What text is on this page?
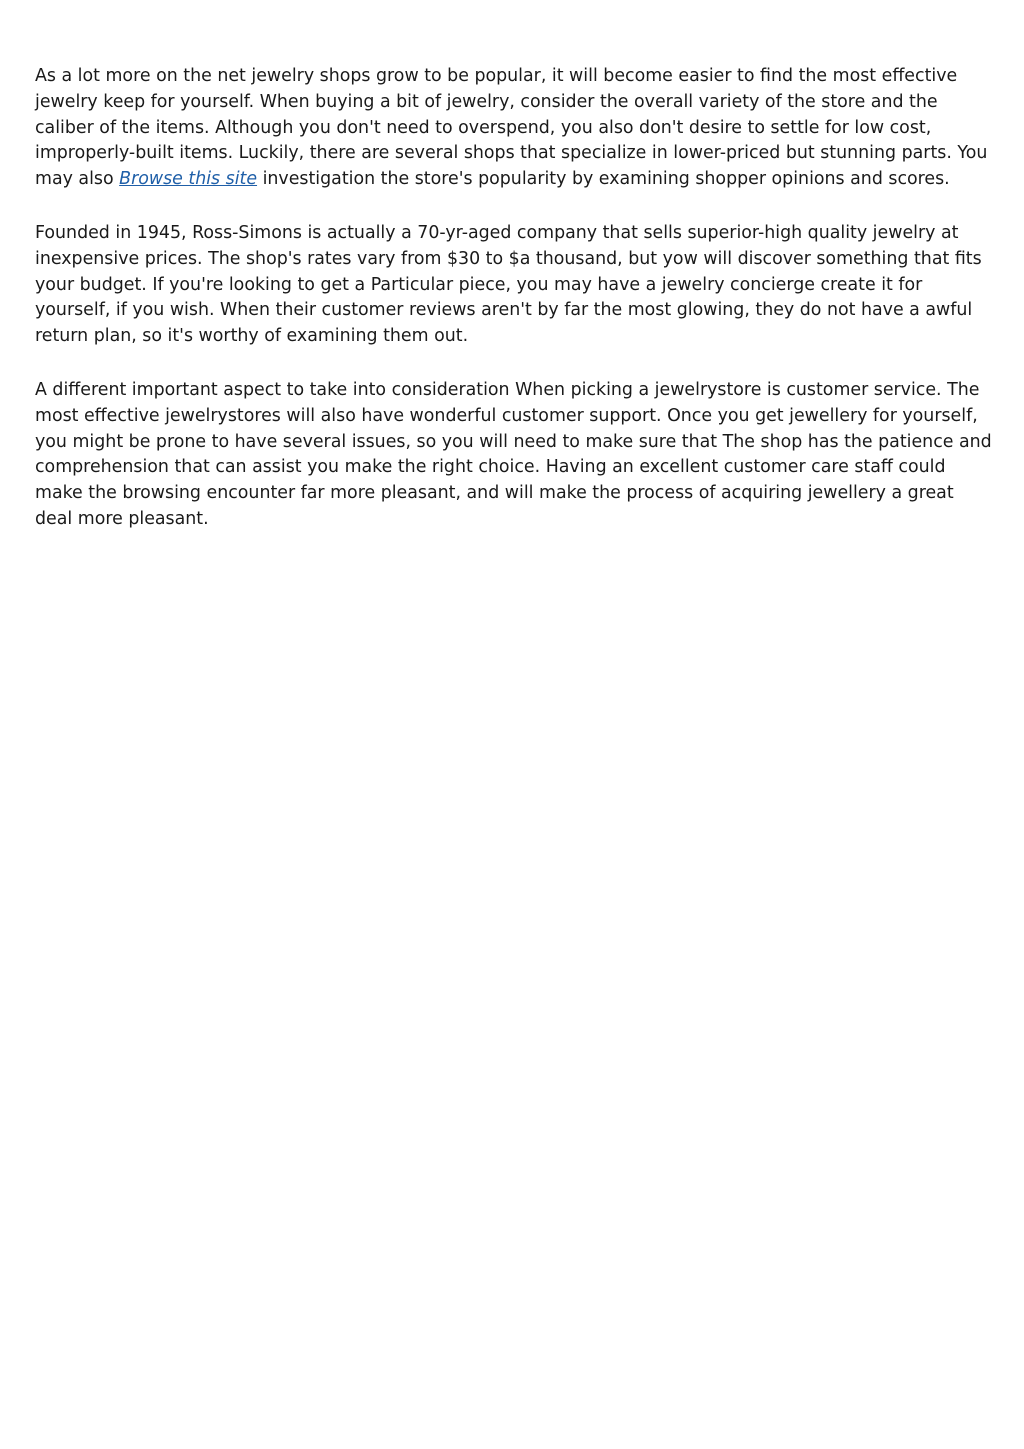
As a lot more on the net jewelry shops grow to be popular, it will become easier to find the most effective jewelry keep for yourself. When buying a bit of jewelry, consider the overall variety of the store and the caliber of the items. Although you don't need to overspend, you also don't desire to settle for low cost, improperly-built items. Luckily, there are several shops that specialize in lower-priced but stunning parts. You may also Browse this site investigation the store's popularity by examining shopper opinions and scores.

Founded in 1945, Ross-Simons is actually a 70-yr-aged company that sells superior-high quality jewelry at inexpensive prices. The shop's rates vary from $30 to $a thousand, but yow will discover something that fits your budget. If you're looking to get a Particular piece, you may have a jewelry concierge create it for yourself, if you wish. When their customer reviews aren't by far the most glowing, they do not have a awful return plan, so it's worthy of examining them out.

A different important aspect to take into consideration When picking a jewelrystore is customer service. The most effective jewelrystores will also have wonderful customer support. Once you get jewellery for yourself, you might be prone to have several issues, so you will need to make sure that The shop has the patience and comprehension that can assist you make the right choice. Having an excellent customer care staff could make the browsing encounter far more pleasant, and will make the process of acquiring jewellery a great deal more pleasant.
